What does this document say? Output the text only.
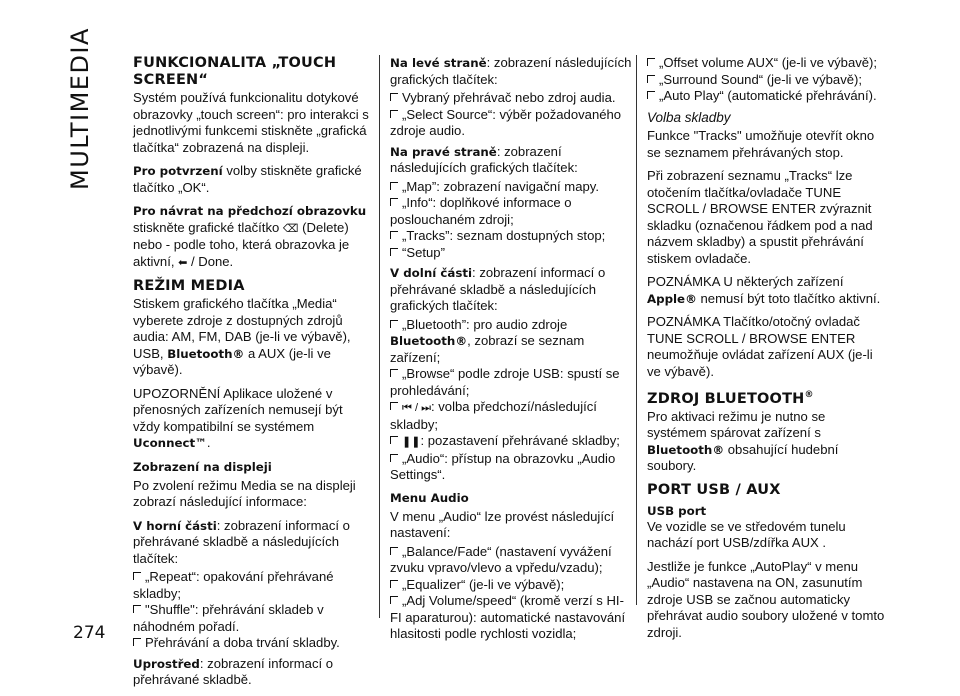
MULTIMEDIA
274
FUNKCIONALITA „TOUCH SCREEN“

Systém používá funkcionalitu dotykové obrazovky „touch screen“: pro interakci s jednotlivými funkcemi stiskněte „grafická tlačítka“ zobrazená na displeji.

Pro potvrzení volby stiskněte grafické tlačítko „OK“.

Pro návrat na předchozí obrazovku
stiskněte grafické tlačítko ⌫ (Delete) nebo - podle toho, která obrazovka je aktivní, ⬅ / Done.

REŽIM MEDIA

Stiskem grafického tlačítka „Media“ vyberete zdroje z dostupných zdrojů audia: AM, FM, DAB (je-li ve výbavě), USB, Bluetooth® a AUX (je-li ve výbavě).

UPOZORNĚNÍ Aplikace uložené v přenosných zařízeních nemusejí být vždy kompatibilní se systémem Uconnect™.

Zobrazení na displeji

Po zvolení režimu Media se na displeji zobrazí následující informace:

V horní části: zobrazení informací o přehrávané skladbě a následujících tlačítek:

„Repeat“: opakování přehrávané skladby;
"Shuffle": přehrávání skladeb v náhodném pořadí.
Přehrávání a doba trvání skladby.

Uprostřed: zobrazení informací o přehrávané skladbě.

Na levé straně: zobrazení následujících grafických tlačítek:

Vybraný přehrávač nebo zdroj audia.
„Select Source“: výběr požadovaného zdroje audio.

Na pravé straně: zobrazení následujících grafických tlačítek:

„Map”: zobrazení navigační mapy.
„Info“: doplňkové informace o poslouchaném zdroji;
„Tracks”: seznam dostupných stop;
“Setup”

V dolní části: zobrazení informací o přehrávané skladbě a následujících grafických tlačítek:

„Bluetooth”: pro audio zdroje Bluetooth®, zobrazí se seznam zařízení;
„Browse“ podle zdroje USB: spustí se prohledávání;
⏮ / ⏭: volba předchozí/následující skladby;
❚❚: pozastavení přehrávané skladby;
„Audio“: přístup na obrazovku „Audio Settings“.
Menu Audio

V menu „Audio“ lze provést následující nastavení:

„Balance/Fade“ (nastavení vyvážení zvuku vpravo/vlevo a vpředu/vzadu);
„Equalizer“ (je-li ve výbavě);
„Adj Volume/speed“ (kromě verzí s HI-FI aparaturou): automatické nastavování hlasitosti podle rychlosti vozidla;
„Offset volume AUX“ (je-li ve výbavě);
„Surround Sound“ (je-li ve výbavě);
„Auto Play“ (automatické přehrávání).
Volba skladby

Funkce "Tracks" umožňuje otevřít okno se seznamem přehrávaných stop.

Při zobrazení seznamu „Tracks“ lze otočením tlačítka/ovladače TUNE SCROLL / BROWSE ENTER zvýraznit skladku (označenou řádkem pod a nad názvem skladby) a spustit přehrávání stiskem ovladače.

POZNÁMKA U některých zařízení Apple® nemusí být toto tlačítko aktivní.

POZNÁMKA Tlačítko/otočný ovladač TUNE SCROLL / BROWSE ENTER neumožňuje ovládat zařízení AUX (je-li ve výbavě).

ZDROJ BLUETOOTH®

Pro aktivaci režimu je nutno se systémem spárovat zařízení s Bluetooth® obsahující hudební soubory.

PORT USB / AUX
USB port

Ve vozidle se ve středovém tunelu nachází port USB/zdířka AUX .

Jestliže je funkce „AutoPlay“ v menu „Audio“ nastavena na ON, zasunutím zdroje USB se začnou automaticky přehrávat audio soubory uložené v tomto zdroji.
